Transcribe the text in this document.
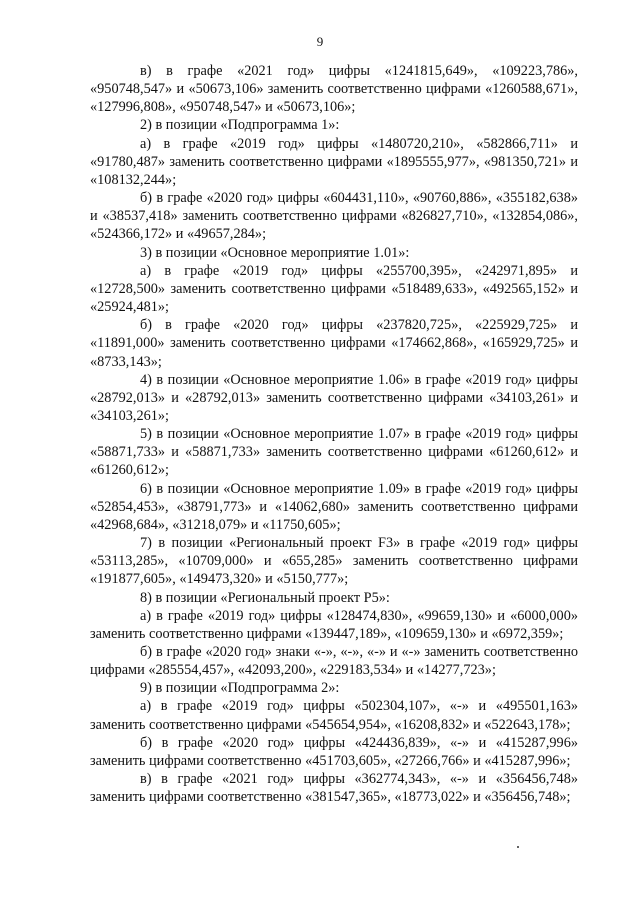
9

в) в графе «2021 год» цифры «1241815,649», «109223,786», «950748,547» и «50673,106» заменить соответственно цифрами «1260588,671», «127996,808», «950748,547» и «50673,106»;

2) в позиции «Подпрограмма 1»:

а) в графе «2019 год» цифры «1480720,210», «582866,711» и «91780,487» заменить соответственно цифрами «1895555,977», «981350,721» и «108132,244»;

б) в графе «2020 год» цифры «604431,110», «90760,886», «355182,638» и «38537,418» заменить соответственно цифрами «826827,710», «132854,086», «524366,172» и «49657,284»;

3) в позиции «Основное мероприятие 1.01»:

а) в графе «2019 год» цифры «255700,395», «242971,895» и «12728,500» заменить соответственно цифрами «518489,633», «492565,152» и «25924,481»;

б) в графе «2020 год» цифры «237820,725», «225929,725» и «11891,000» заменить соответственно цифрами «174662,868», «165929,725» и «8733,143»;

4) в позиции «Основное мероприятие 1.06» в графе «2019 год» цифры «28792,013» и «28792,013» заменить соответственно цифрами «34103,261» и «34103,261»;

5) в позиции «Основное мероприятие 1.07» в графе «2019 год» цифры «58871,733» и «58871,733» заменить соответственно цифрами «61260,612» и «61260,612»;

6) в позиции «Основное мероприятие 1.09» в графе «2019 год» цифры «52854,453», «38791,773» и «14062,680» заменить соответственно цифрами «42968,684», «31218,079» и «11750,605»;

7) в позиции «Региональный проект F3» в графе «2019 год» цифры «53113,285», «10709,000» и «655,285» заменить соответственно цифрами «191877,605», «149473,320» и «5150,777»;

8) в позиции «Региональный проект Р5»:

а) в графе «2019 год» цифры «128474,830», «99659,130» и «6000,000» заменить соответственно цифрами «139447,189», «109659,130» и «6972,359»;

б) в графе «2020 год» знаки «-», «-», «-» и «-» заменить соответственно цифрами «285554,457», «42093,200», «229183,534» и «14277,723»;

9) в позиции «Подпрограмма 2»:

а) в графе «2019 год» цифры «502304,107», «-» и «495501,163» заменить соответственно цифрами «545654,954», «16208,832» и «522643,178»;

б) в графе «2020 год» цифры «424436,839», «-» и «415287,996» заменить цифрами соответственно «451703,605», «27266,766» и «415287,996»;

в) в графе «2021 год» цифры «362774,343», «-» и «356456,748» заменить цифрами соответственно «381547,365», «18773,022» и «356456,748»;
